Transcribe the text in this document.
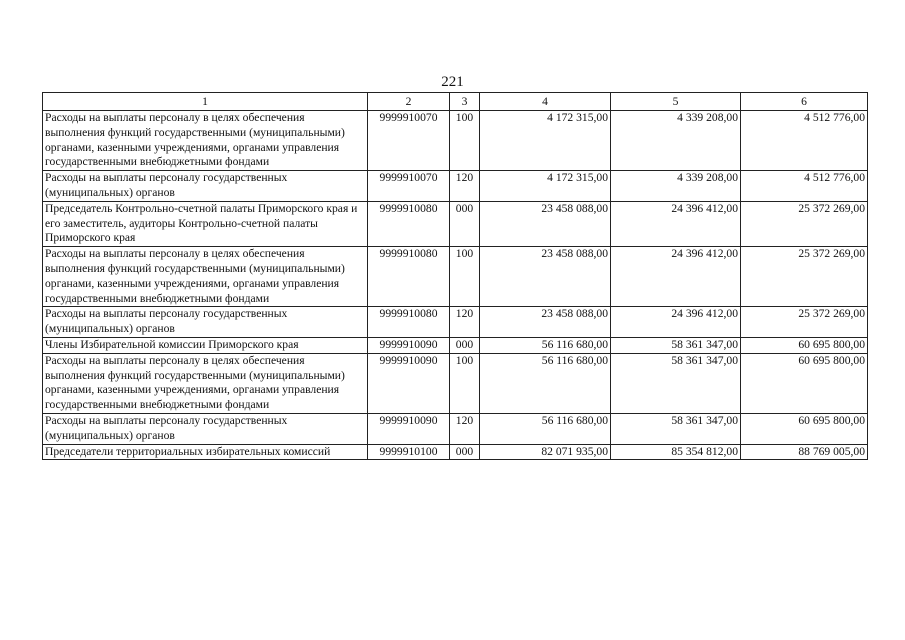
221
1	2	3	4	5	6
Расходы на выплаты персоналу в целях обеспечения выполнения функций государственными (муниципальными) органами, казенными учреждениями, органами управления государственными внебюджетными фондами	9999910070	100	4 172 315,00	4 339 208,00	4 512 776,00
Расходы на выплаты персоналу государственных (муниципальных) органов	9999910070	120	4 172 315,00	4 339 208,00	4 512 776,00
Председатель Контрольно-счетной палаты Приморского края и его заместитель, аудиторы Контрольно-счетной палаты Приморского края	9999910080	000	23 458 088,00	24 396 412,00	25 372 269,00
Расходы на выплаты персоналу в целях обеспечения выполнения функций государственными (муниципальными) органами, казенными учреждениями, органами управления государственными внебюджетными фондами	9999910080	100	23 458 088,00	24 396 412,00	25 372 269,00
Расходы на выплаты персоналу государственных (муниципальных) органов	9999910080	120	23 458 088,00	24 396 412,00	25 372 269,00
Члены Избирательной комиссии Приморского края	9999910090	000	56 116 680,00	58 361 347,00	60 695 800,00
Расходы на выплаты персоналу в целях обеспечения выполнения функций государственными (муниципальными) органами, казенными учреждениями, органами управления государственными внебюджетными фондами	9999910090	100	56 116 680,00	58 361 347,00	60 695 800,00
Расходы на выплаты персоналу государственных (муниципальных) органов	9999910090	120	56 116 680,00	58 361 347,00	60 695 800,00
Председатели территориальных избирательных комиссий	9999910100	000	82 071 935,00	85 354 812,00	88 769 005,00
